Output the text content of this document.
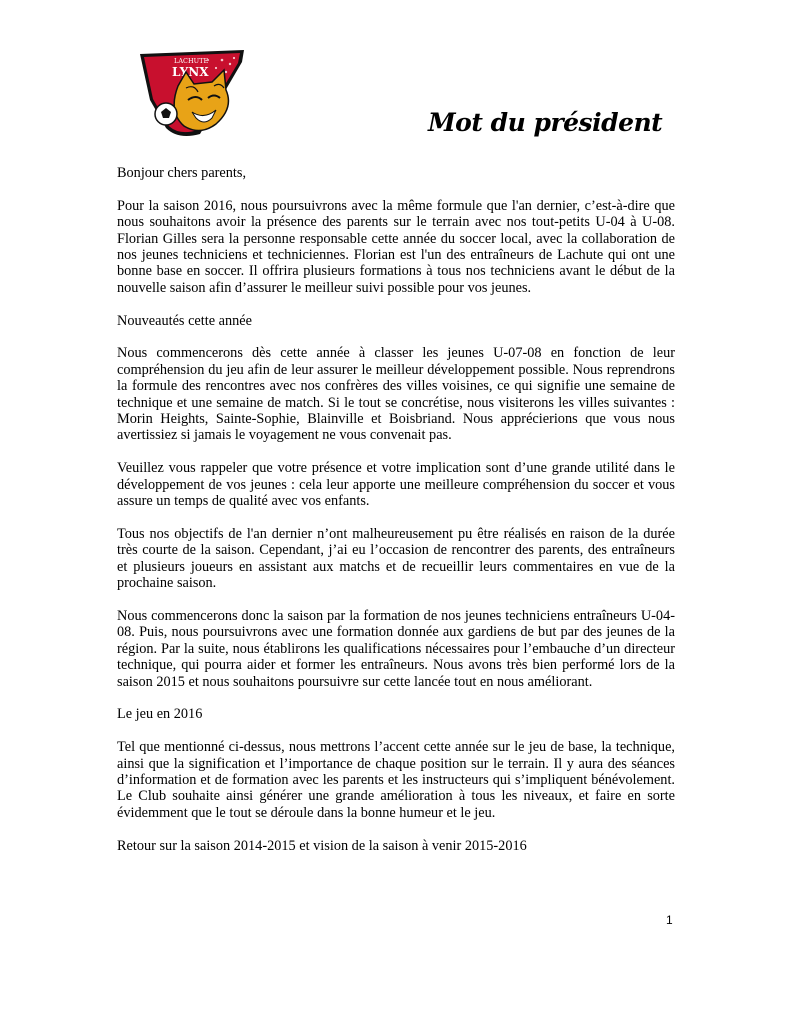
LACHUTE
LYNX
Mot du président

Bonjour chers parents,

Pour la saison 2016, nous poursuivrons avec la même formule que l'an dernier, c’est-à-dire que nous souhaitons avoir la présence des parents sur le terrain avec nos tout-petits U-04 à U-08. Florian Gilles sera la personne responsable cette année du soccer local, avec la collaboration de nos jeunes techniciens et techniciennes. Florian est l'un des entraîneurs de Lachute qui ont une bonne base en soccer. Il offrira plusieurs formations à tous nos techniciens avant le début de la nouvelle saison afin d’assurer le meilleur suivi possible pour vos jeunes.

Nouveautés cette année

Nous commencerons dès cette année à classer les jeunes U-07-08 en fonction de leur compréhension du jeu afin de leur assurer le meilleur développement possible. Nous reprendrons la formule des rencontres avec nos confrères des villes voisines, ce qui signifie une semaine de technique et une semaine de match. Si le tout se concrétise, nous visiterons les villes suivantes : Morin Heights, Sainte-Sophie, Blainville et Boisbriand. Nous apprécierions que vous nous avertissiez si jamais le voyagement ne vous convenait pas.

Veuillez vous rappeler que votre présence et votre implication sont d’une grande utilité dans le développement de vos jeunes : cela leur apporte une meilleure compréhension du soccer et vous assure un temps de qualité avec vos enfants.

Tous nos objectifs de l'an dernier n’ont malheureusement pu être réalisés en raison de la durée très courte de la saison. Cependant, j’ai eu l’occasion de rencontrer des parents, des entraîneurs et plusieurs joueurs en assistant aux matchs et de recueillir leurs commentaires en vue de la prochaine saison.

Nous commencerons donc la saison par la formation de nos jeunes techniciens entraîneurs U-04-08. Puis, nous poursuivrons avec une formation donnée aux gardiens de but par des jeunes de la région. Par la suite, nous établirons les qualifications nécessaires pour l’embauche d’un directeur technique, qui pourra aider et former les entraîneurs. Nous avons très bien performé lors de la saison 2015 et nous souhaitons poursuivre sur cette lancée tout en nous améliorant.

Le jeu en 2016

Tel que mentionné ci-dessus, nous mettrons l’accent cette année sur le jeu de base, la technique, ainsi que la signification et l’importance de chaque position sur le terrain. Il y aura des séances d’information et de formation avec les parents et les instructeurs qui s’impliquent bénévolement. Le Club souhaite ainsi générer une grande amélioration à tous les niveaux, et faire en sorte évidemment que le tout se déroule dans la bonne humeur et le jeu.

Retour sur la saison 2014-2015 et vision de la saison à venir 2015-2016

1
